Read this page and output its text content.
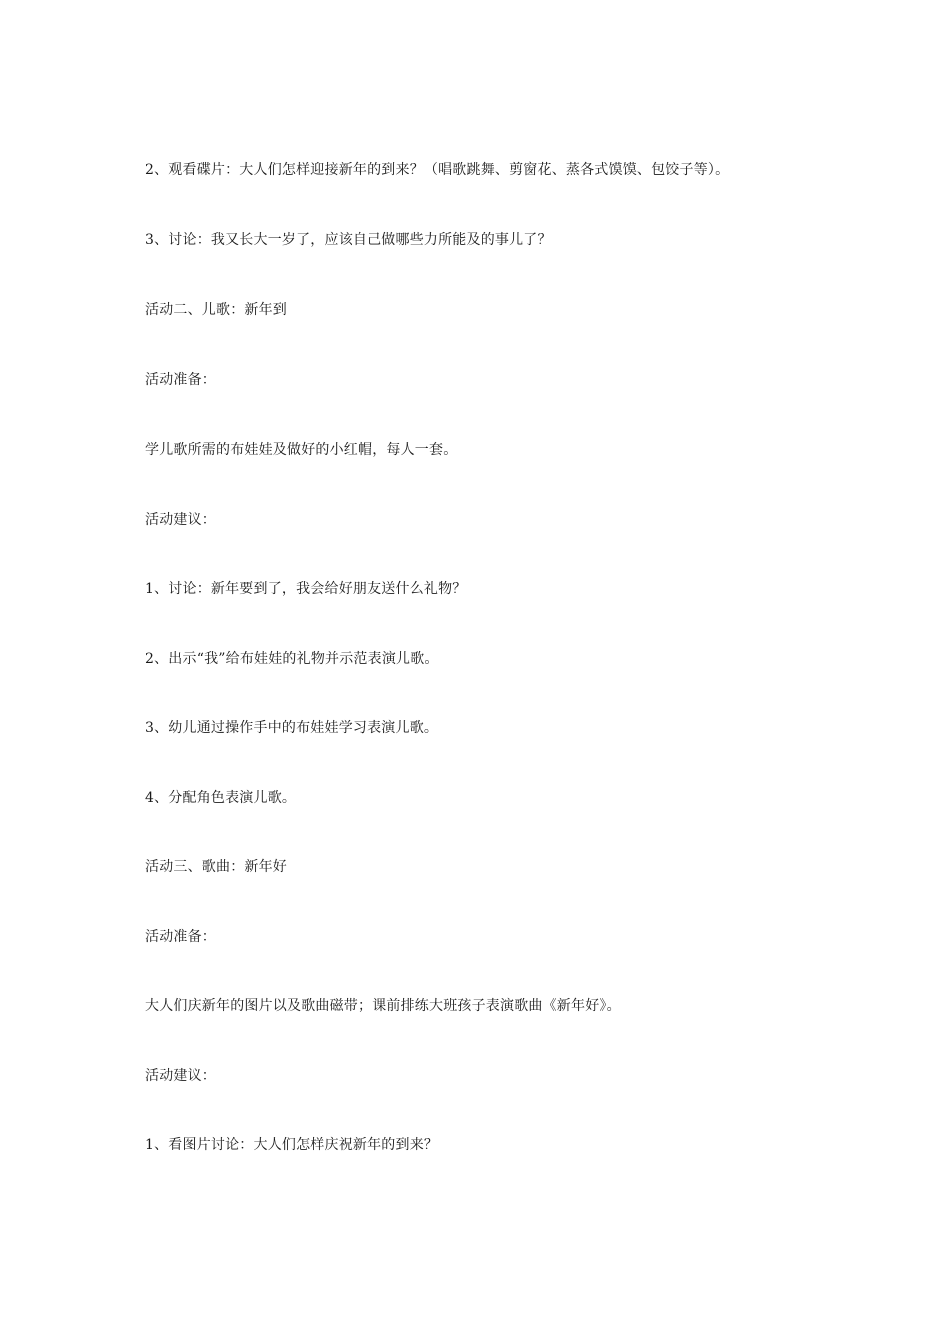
2、观看碟片：大人们怎样迎接新年的到来？（唱歌跳舞、剪窗花、蒸各式馍馍、包饺子等）。

3、讨论：我又长大一岁了，应该自己做哪些力所能及的事儿了？

活动二、儿歌：新年到

活动准备：

学儿歌所需的布娃娃及做好的小红帽，每人一套。

活动建议：

1、讨论：新年要到了，我会给好朋友送什么礼物？

2、出示“我”给布娃娃的礼物并示范表演儿歌。

3、幼儿通过操作手中的布娃娃学习表演儿歌。

4、分配角色表演儿歌。

活动三、歌曲：新年好

活动准备：

大人们庆新年的图片以及歌曲磁带；课前排练大班孩子表演歌曲《新年好》。

活动建议：

1、看图片讨论：大人们怎样庆祝新年的到来？
